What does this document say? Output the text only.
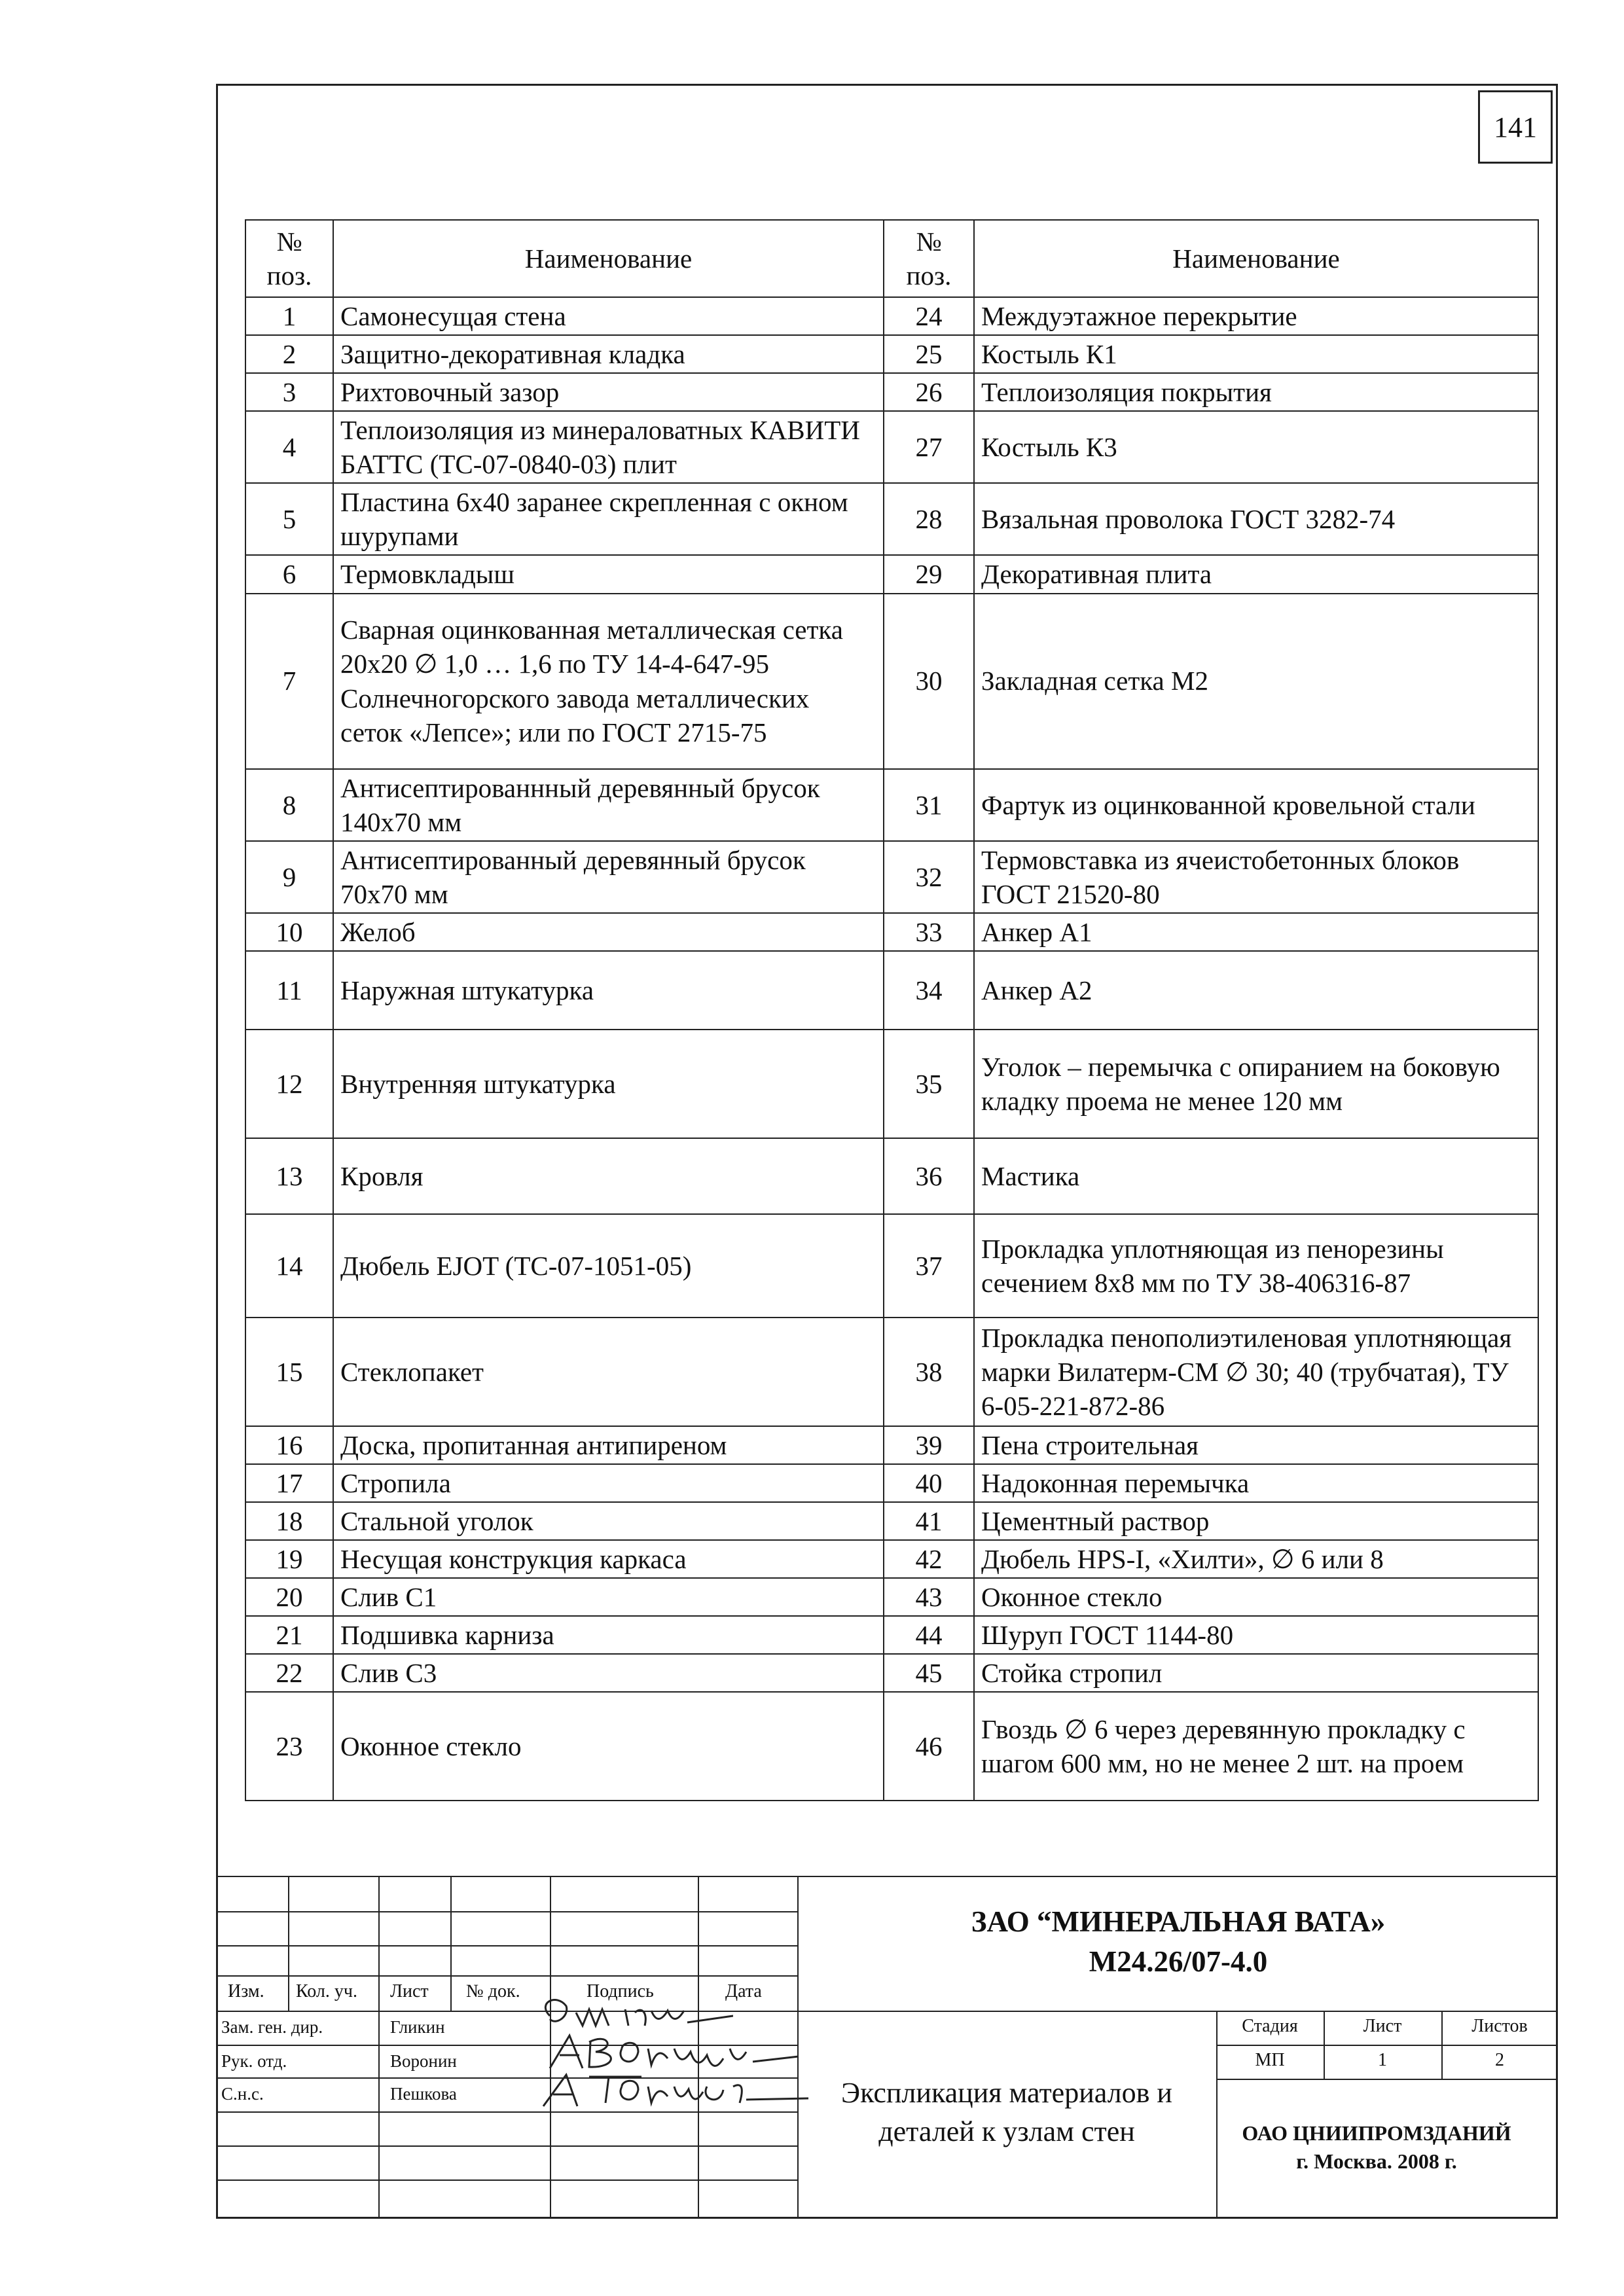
141
№ поз.	Наименование	№ поз.	Наименование
1	Самонесущая стена	24	Междуэтажное перекрытие
2	Защитно-декоративная кладка	25	Костыль К1
3	Рихтовочный зазор	26	Теплоизоляция покрытия
4	Теплоизоляция из минераловатных КАВИТИ БАТТС (ТС-07-0840-03) плит	27	Костыль К3
5	Пластина 6х40 заранее скрепленная с окном шурупами	28	Вязальная проволока ГОСТ 3282-74
6	Термовкладыш	29	Декоративная плита
7	Сварная оцинкованная металлическая сетка 20х20 ∅ 1,0 … 1,6 по ТУ 14-4-647-95 Солнечногорского завода металлических сеток «Лепсе»; или по ГОСТ 2715-75	30	Закладная сетка М2
8	Антисептированнный деревянный брусок 140х70 мм	31	Фартук из оцинкованной кровельной стали
9	Антисептированный деревянный брусок 70х70 мм	32	Термовставка из ячеистобетонных блоков ГОСТ 21520-80
10	Желоб	33	Анкер А1
11	Наружная штукатурка	34	Анкер А2
12	Внутренняя штукатурка	35	Уголок – перемычка с опиранием на боковую кладку проема не менее 120 мм
13	Кровля	36	Мастика
14	Дюбель EJOT (ТС-07-1051-05)	37	Прокладка уплотняющая из пенорезины сечением 8х8 мм по ТУ 38-406316-87
15	Стеклопакет	38	Прокладка пенополиэтиленовая уплотняющая марки Вилатерм-СМ ∅ 30; 40 (трубчатая), ТУ 6-05-221-872-86
16	Доска, пропитанная антипиреном	39	Пена строительная
17	Стропила	40	Надоконная перемычка
18	Стальной уголок	41	Цементный раствор
19	Несущая конструкция каркаса	42	Дюбель HPS-I, «Хилти», ∅ 6 или 8
20	Слив С1	43	Оконное стекло
21	Подшивка карниза	44	Шуруп ГОСТ 1144-80
22	Слив С3	45	Стойка стропил
23	Оконное стекло	46	Гвоздь ∅ 6 через деревянную прокладку с шагом 600 мм, но не менее 2 шт. на проем
Изм. Кол. уч. Лист № док.	Подпись	Дата
Зам. ген. дир.	Гликин
Рук. отд.	Воронин
С.н.с.	Пешкова
ЗАО “МИНЕРАЛЬНАЯ ВАТА»
М24.26/07-4.0
Экспликация материалов и деталей к узлам стен
Стадия	Лист	Листов
МП	1	2
ОАО ЦНИИПРОМЗДАНИЙ
г. Москва. 2008 г.
